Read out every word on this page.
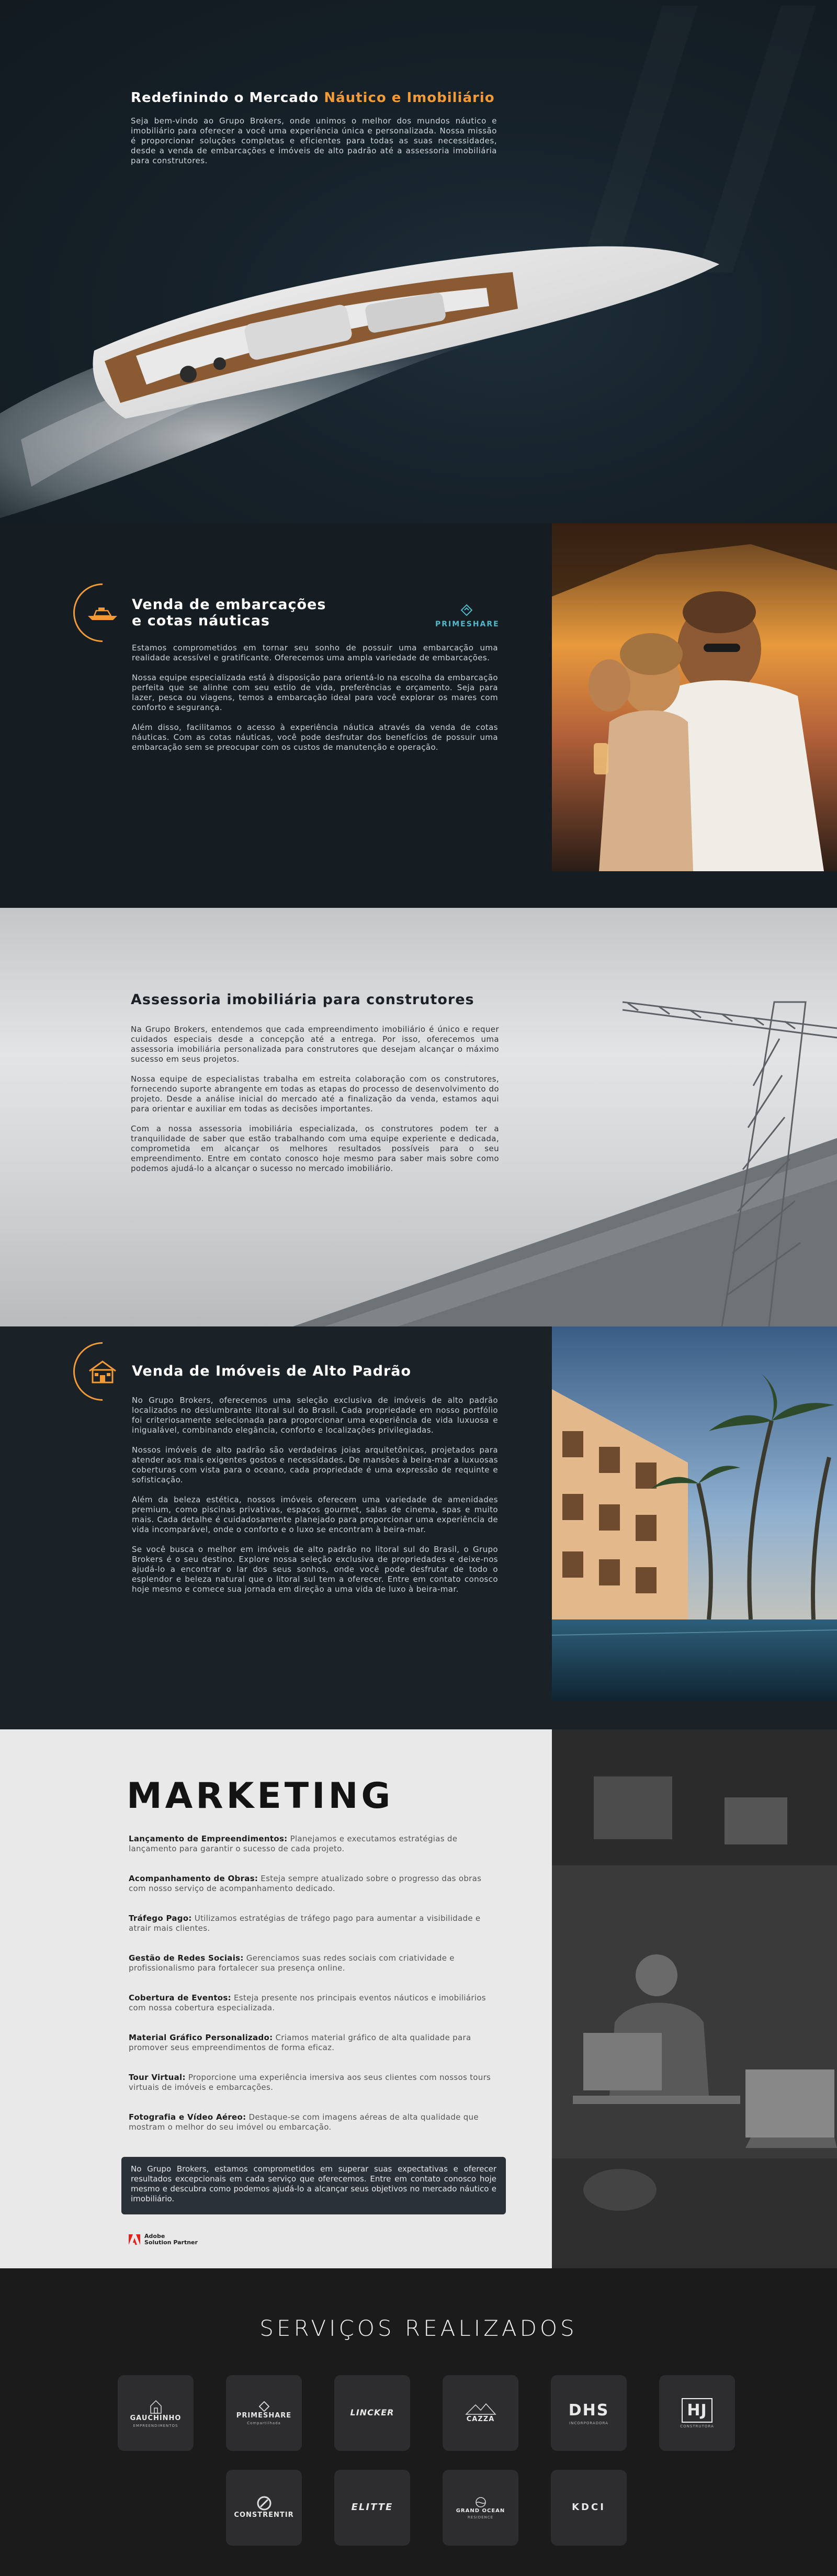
Redefinindo o Mercado Náutico e Imobiliário

Seja bem-vindo ao Grupo Brokers, onde unimos o melhor dos mundos náutico e imobiliário para oferecer a você uma experiência única e personalizada. Nossa missão é proporcionar soluções completas e eficientes para todas as suas necessidades, desde a venda de embarcações e imóveis de alto padrão até a assessoria imobiliária para construtores.

Venda de embarcações
e cotas náuticas	PRIMESHARE

Estamos comprometidos em tornar seu sonho de possuir uma embarcação uma realidade acessível e gratificante. Oferecemos uma ampla variedade de embarcações.

Nossa equipe especializada está à disposição para orientá-lo na escolha da embarcação perfeita que se alinhe com seu estilo de vida, preferências e orçamento. Seja para lazer, pesca ou viagens, temos a embarcação ideal para você explorar os mares com conforto e segurança.

Além disso, facilitamos o acesso à experiência náutica através da venda de cotas náuticas. Com as cotas náuticas, você pode desfrutar dos benefícios de possuir uma embarcação sem se preocupar com os custos de manutenção e operação.

Assessoria imobiliária para construtores

Na Grupo Brokers, entendemos que cada empreendimento imobiliário é único e requer cuidados especiais desde a concepção até a entrega. Por isso, oferecemos uma assessoria imobiliária personalizada para construtores que desejam alcançar o máximo sucesso em seus projetos.

Nossa equipe de especialistas trabalha em estreita colaboração com os construtores, fornecendo suporte abrangente em todas as etapas do processo de desenvolvimento do projeto. Desde a análise inicial do mercado até a finalização da venda, estamos aqui para orientar e auxiliar em todas as decisões importantes.

Com a nossa assessoria imobiliária especializada, os construtores podem ter a tranquilidade de saber que estão trabalhando com uma equipe experiente e dedicada, comprometida em alcançar os melhores resultados possíveis para o seu empreendimento. Entre em contato conosco hoje mesmo para saber mais sobre como podemos ajudá-lo a alcançar o sucesso no mercado imobiliário.

Venda de Imóveis de Alto Padrão

No Grupo Brokers, oferecemos uma seleção exclusiva de imóveis de alto padrão localizados no deslumbrante litoral sul do Brasil. Cada propriedade em nosso portfólio foi criteriosamente selecionada para proporcionar uma experiência de vida luxuosa e inigualável, combinando elegância, conforto e localizações privilegiadas.

Nossos imóveis de alto padrão são verdadeiras joias arquitetônicas, projetados para atender aos mais exigentes gostos e necessidades. De mansões à beira-mar a luxuosas coberturas com vista para o oceano, cada propriedade é uma expressão de requinte e sofisticação.

Além da beleza estética, nossos imóveis oferecem uma variedade de amenidades premium, como piscinas privativas, espaços gourmet, salas de cinema, spas e muito mais. Cada detalhe é cuidadosamente planejado para proporcionar uma experiência de vida incomparável, onde o conforto e o luxo se encontram à beira-mar.

Se você busca o melhor em imóveis de alto padrão no litoral sul do Brasil, o Grupo Brokers é o seu destino. Explore nossa seleção exclusiva de propriedades e deixe-nos ajudá-lo a encontrar o lar dos seus sonhos, onde você pode desfrutar de todo o esplendor e beleza natural que o litoral sul tem a oferecer. Entre em contato conosco hoje mesmo e comece sua jornada em direção a uma vida de luxo à beira-mar.

MARKETING
Lançamento de Empreendimentos: Planejamos e executamos estratégias de lançamento para garantir o sucesso de cada projeto.
Acompanhamento de Obras: Esteja sempre atualizado sobre o progresso das obras com nosso serviço de acompanhamento dedicado.
Tráfego Pago: Utilizamos estratégias de tráfego pago para aumentar a visibilidade e atrair mais clientes.
Gestão de Redes Sociais: Gerenciamos suas redes sociais com criatividade e profissionalismo para fortalecer sua presença online.
Cobertura de Eventos: Esteja presente nos principais eventos náuticos e imobiliários com nossa cobertura especializada.
Material Gráfico Personalizado: Criamos material gráfico de alta qualidade para promover seus empreendimentos de forma eficaz.
Tour Virtual: Proporcione uma experiência imersiva aos seus clientes com nossos tours virtuais de imóveis e embarcações.
Fotografia e Vídeo Aéreo: Destaque-se com imagens aéreas de alta qualidade que mostram o melhor do seu imóvel ou embarcação.
No Grupo Brokers, estamos comprometidos em superar suas expectativas e oferecer resultados excepcionais em cada serviço que oferecemos. Entre em contato conosco hoje mesmo e descubra como podemos ajudá-lo a alcançar seus objetivos no mercado náutico e imobiliário.
Adobe
Solution Partner
SERVIÇOS REALIZADOS
GAUCHINHO
EMPREENDIMENTOS
PRIMESHARE
Compartilhada
LINCKER
CAZZA	DHS
INCORPORADORA
HJ
CONSTRUTORA
CONSTRENTIR
ELITTE	GRAND OCEAN
RESIDENCE
KDCI
